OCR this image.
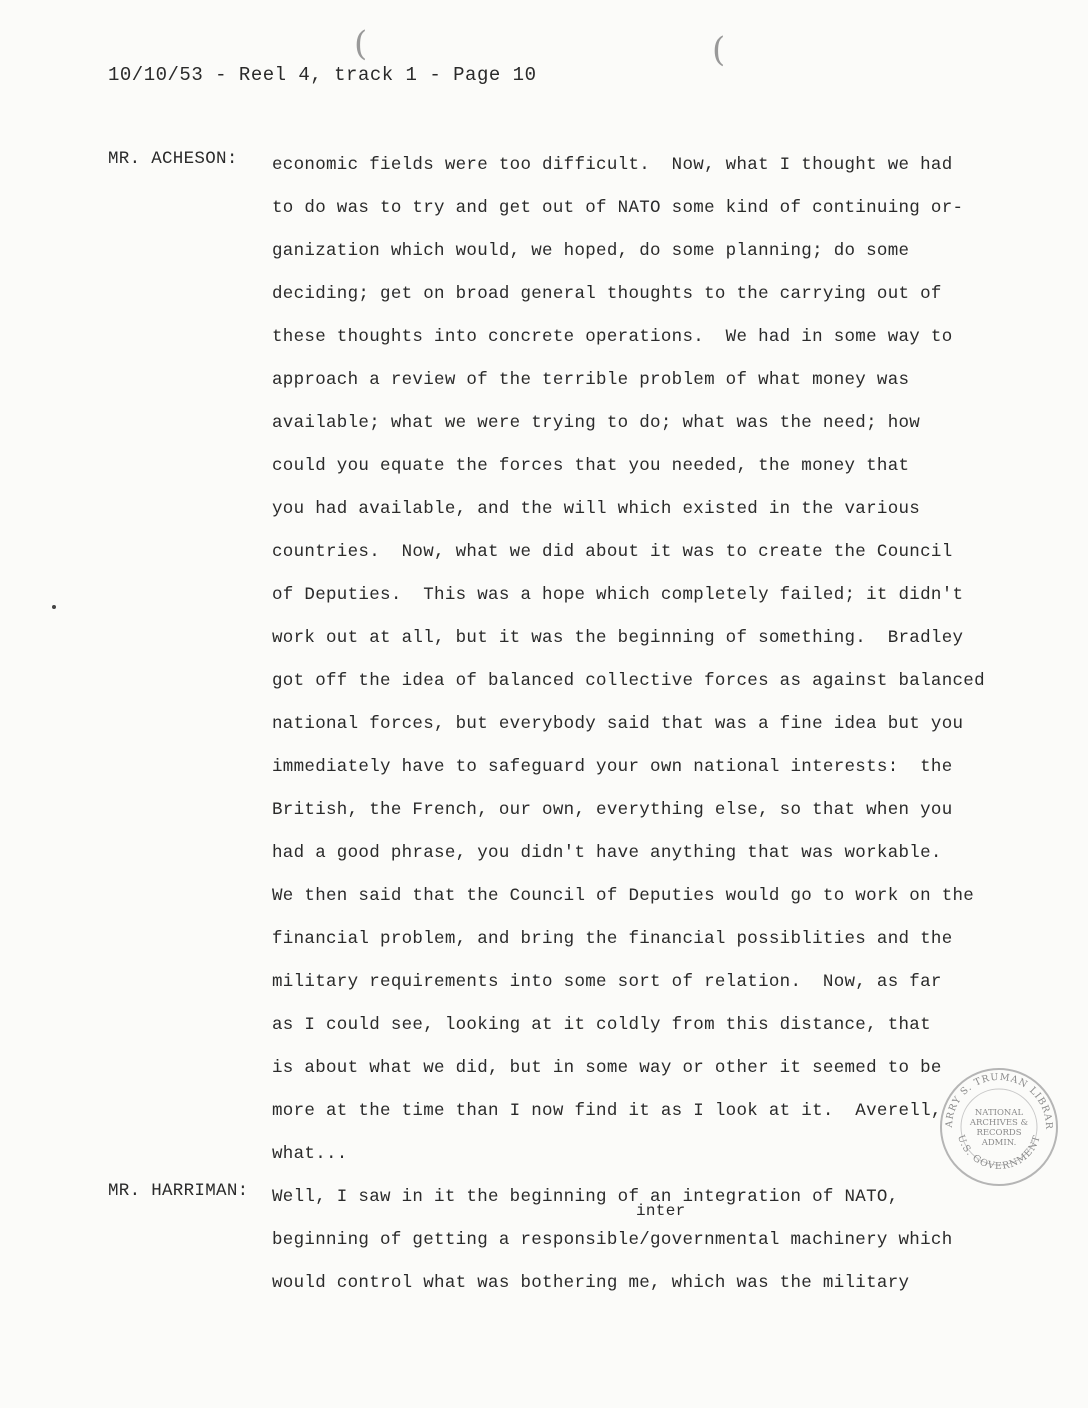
10/10/53 - Reel 4, track 1 - Page 10
(	(
MR. ACHESON: economic fields were too difficult.  Now, what I thought we had
to do was to try and get out of NATO some kind of continuing or-
ganization which would, we hoped, do some planning; do some
deciding; get on broad general thoughts to the carrying out of
these thoughts into concrete operations.  We had in some way to
approach a review of the terrible problem of what money was
available; what we were trying to do; what was the need; how
could you equate the forces that you needed, the money that
you had available, and the will which existed in the various
countries.  Now, what we did about it was to create the Council
of Deputies.  This was a hope which completely failed; it didn't
work out at all, but it was the beginning of something.  Bradley
got off the idea of balanced collective forces as against balanced
national forces, but everybody said that was a fine idea but you
immediately have to safeguard your own national interests:  the
British, the French, our own, everything else, so that when you
had a good phrase, you didn't have anything that was workable.
We then said that the Council of Deputies would go to work on the
financial problem, and bring the financial possiblities and the
military requirements into some sort of relation.  Now, as far
as I could see, looking at it coldly from this distance, that
is about what we did, but in some way or other it seemed to be
more at the time than I now find it as I look at it.  Averell,
what...
MR. HARRIMAN:
inter
Well, I saw in it the beginning of an integration of NATO,
beginning of getting a responsible/governmental machinery which
would control what was bothering me, which was the military
ARRY S. TRUMAN LIBRAR
U.S. GOVERNMENT
NATIONAL
ARCHIVES &
RECORDS
ADMIN.
